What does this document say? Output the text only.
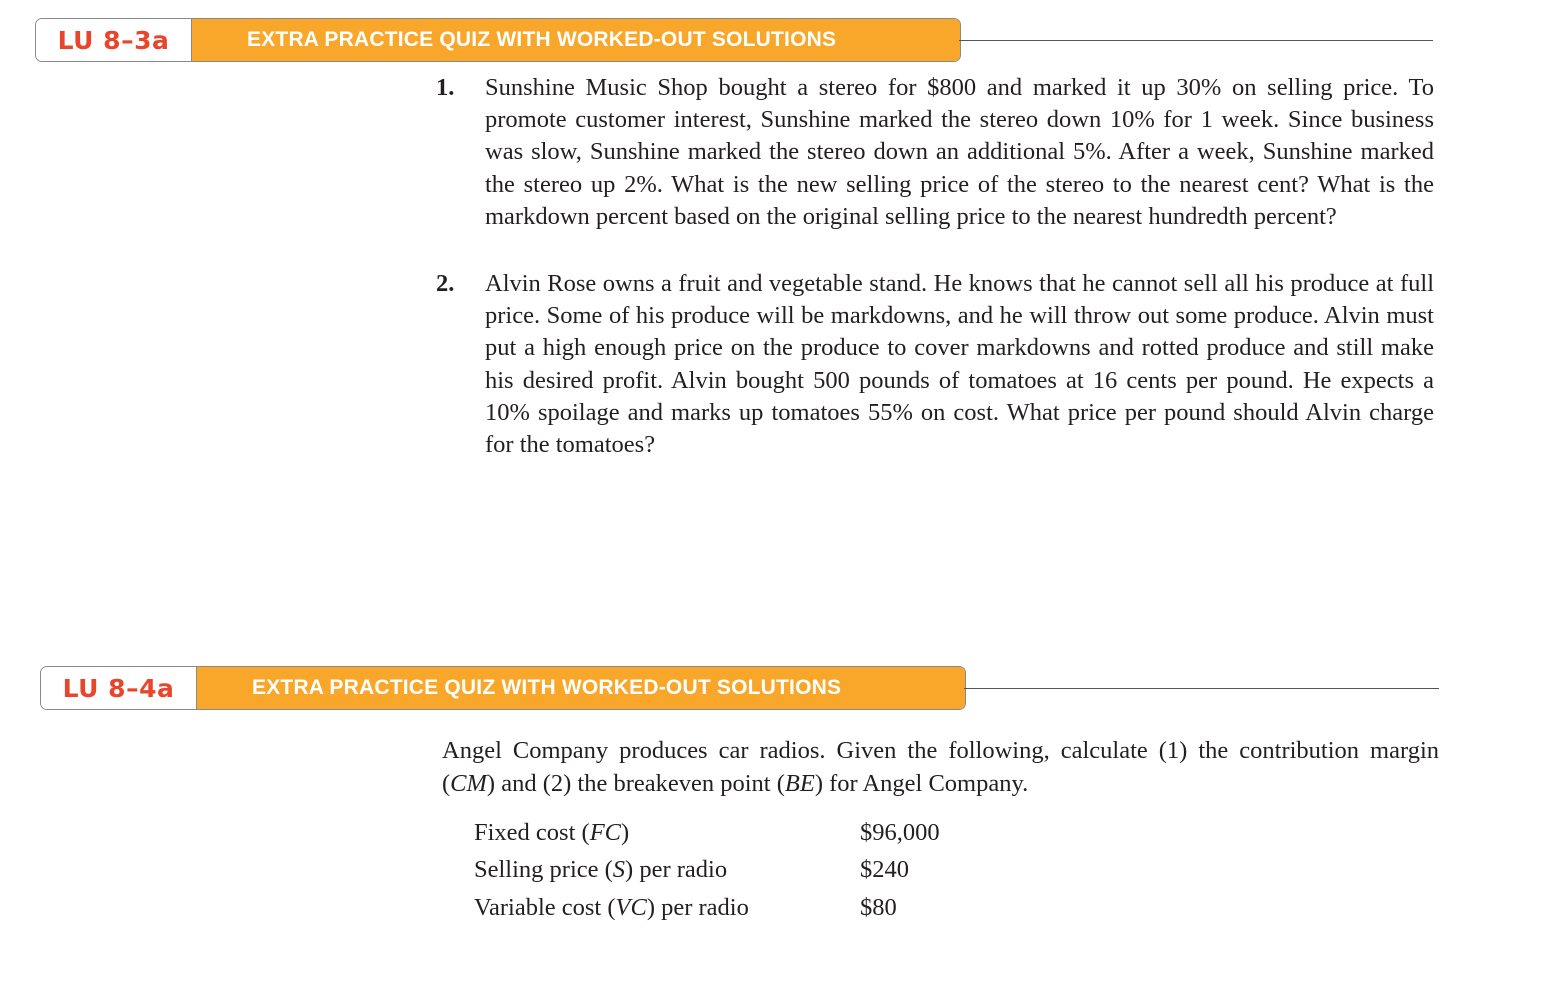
LU 8–3a	EXTRA PRACTICE QUIZ WITH WORKED-OUT SOLUTIONS
1. Sunshine Music Shop bought a stereo for $800 and marked it up 30% on selling price. To promote customer interest, Sunshine marked the stereo down 10% for 1 week. Since business was slow, Sunshine marked the stereo down an additional 5%. After a week, Sunshine marked the stereo up 2%. What is the new selling price of the stereo to the nearest cent? What is the markdown percent based on the original selling price to the nearest hundredth percent?
2. Alvin Rose owns a fruit and vegetable stand. He knows that he cannot sell all his produce at full price. Some of his produce will be markdowns, and he will throw out some produce. Alvin must put a high enough price on the produce to cover markdowns and rotted produce and still make his desired profit. Alvin bought 500 pounds of tomatoes at 16 cents per pound. He expects a 10% spoilage and marks up tomatoes 55% on cost. What price per pound should Alvin charge for the tomatoes?
LU 8–4a	EXTRA PRACTICE QUIZ WITH WORKED-OUT SOLUTIONS
Angel Company produces car radios. Given the following, calculate (1) the contribution margin (CM) and (2) the breakeven point (BE) for Angel Company.
Fixed cost (FC)	$96,000
Selling price (S) per radio	$240
Variable cost (VC) per radio	$80
